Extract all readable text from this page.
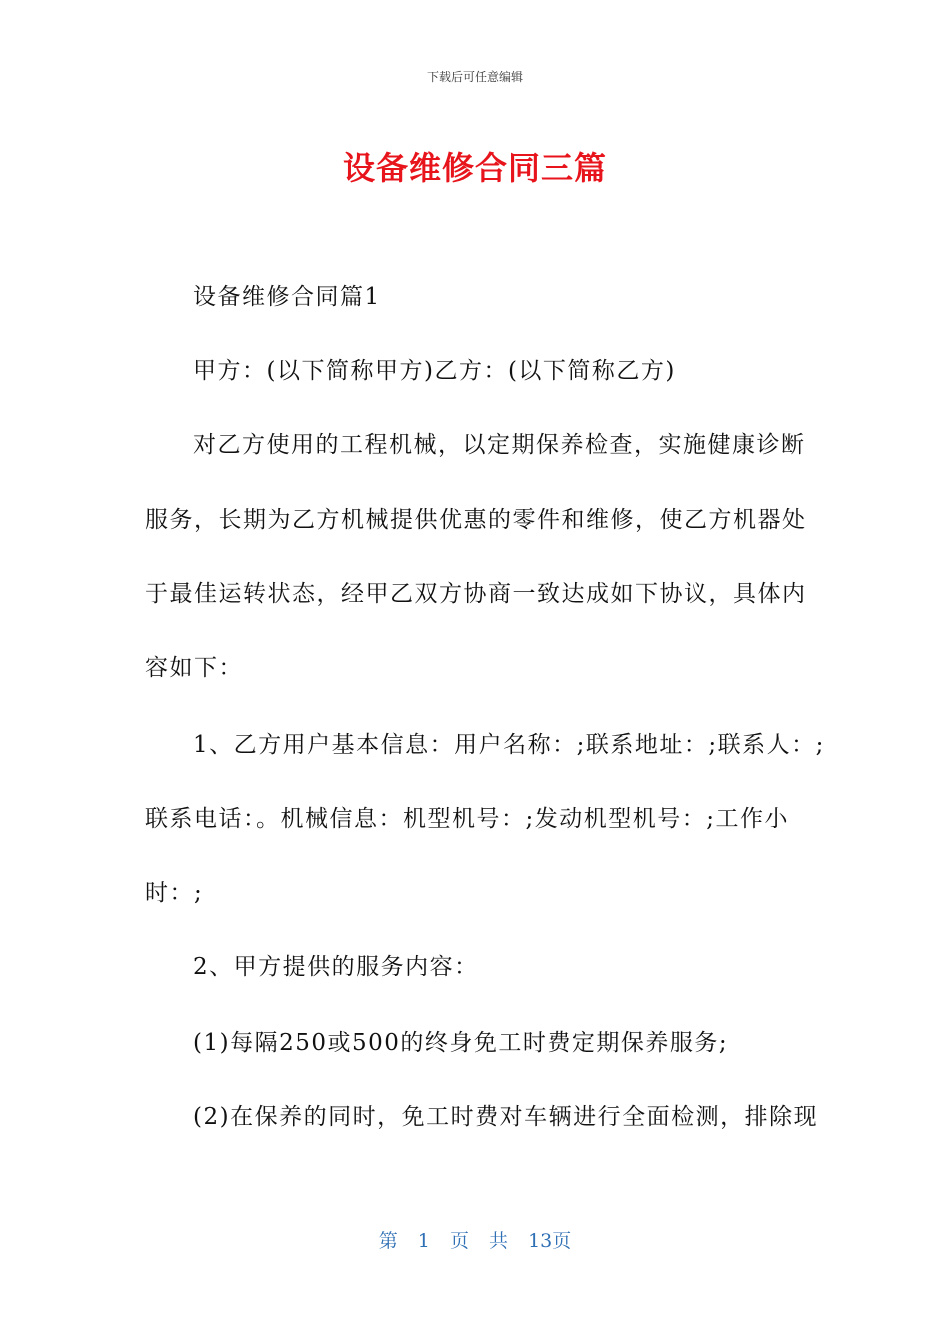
下载后可任意编辑
设备维修合同三篇
设备维修合同篇1
甲方：(以下简称甲方)乙方：(以下简称乙方)
对乙方使用的工程机械，以定期保养检查，实施健康诊断
服务，长期为乙方机械提供优惠的零件和维修，使乙方机器处
于最佳运转状态，经甲乙双方协商一致达成如下协议，具体内
容如下：
1、乙方用户基本信息：用户名称：;联系地址：;联系人：;
联系电话：。机械信息：机型机号：;发动机型机号：;工作小
时：;
2、甲方提供的服务内容：
(1)每隔250或500的终身免工时费定期保养服务;
(2)在保养的同时，免工时费对车辆进行全面检测，排除现
第 1 页 共 13页
